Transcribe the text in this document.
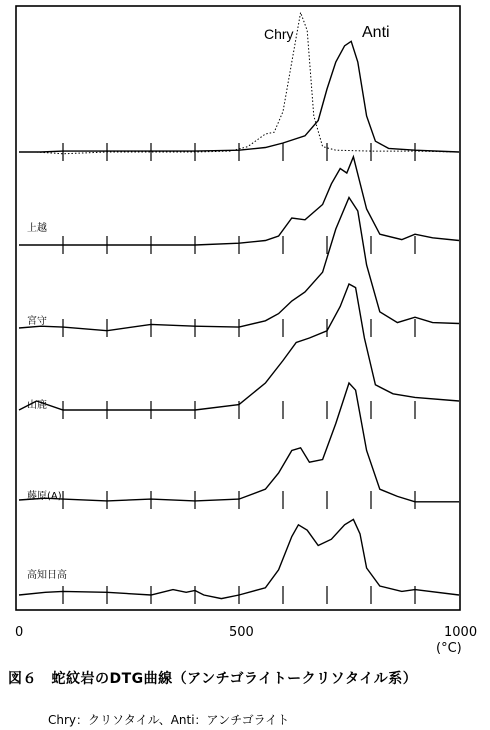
Chry	Anti
上越
宮守
山鹿
藤原(A)
高知日高
0	500	1000
(°C)
図６　蛇紋岩のDTG曲線（アンチゴライトークリソタイル系）
Chry：クリソタイル、Anti：アンチゴライト
